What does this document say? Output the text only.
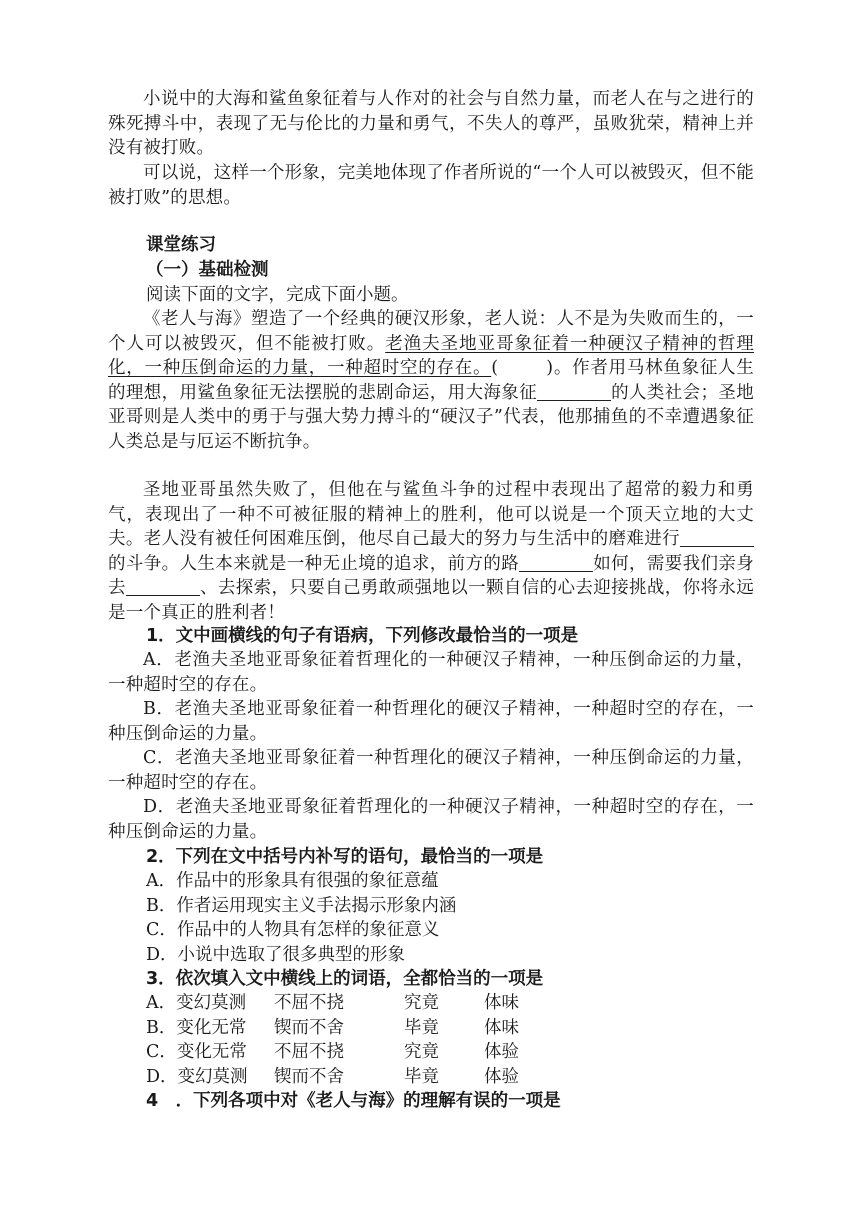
小说中的大海和鲨鱼象征着与人作对的社会与自然力量，而老人在与之进行的殊死搏斗中，表现了无与伦比的力量和勇气，不失人的尊严，虽败犹荣，精神上并没有被打败。

可以说，这样一个形象，完美地体现了作者所说的“一个人可以被毁灭，但不能被打败”的思想。

课堂练习
（一）基础检测
阅读下面的文字，完成下面小题。

《老人与海》塑造了一个经典的硬汉形象，老人说：人不是为失败而生的，一个人可以被毁灭，但不能被打败。老渔夫圣地亚哥象征着一种硬汉子精神的哲理化，一种压倒命运的力量，一种超时空的存在。(	)。作者用马林鱼象征人生的理想，用鲨鱼象征无法摆脱的悲剧命运，用大海象征	的人类社会；圣地亚哥则是人类中的勇于与强大势力搏斗的“硬汉子”代表，他那捕鱼的不幸遭遇象征人类总是与厄运不断抗争。

圣地亚哥虽然失败了，但他在与鲨鱼斗争的过程中表现出了超常的毅力和勇气，表现出了一种不可被征服的精神上的胜利，他可以说是一个顶天立地的大丈夫。老人没有被任何困难压倒，他尽自己最大的努力与生活中的磨难进行的斗争。人生本来就是一种无止境的追求，前方的路	如何，需要我们亲身去	、去探索，只要自己勇敢顽强地以一颗自信的心去迎接挑战，你将永远是一个真正的胜利者！

1．文中画横线的句子有语病，下列修改最恰当的一项是

A．老渔夫圣地亚哥象征着哲理化的一种硬汉子精神，一种压倒命运的力量，一种超时空的存在。

B．老渔夫圣地亚哥象征着一种哲理化的硬汉子精神，一种超时空的存在，一种压倒命运的力量。

C．老渔夫圣地亚哥象征着一种哲理化的硬汉子精神，一种压倒命运的力量，一种超时空的存在。

D．老渔夫圣地亚哥象征着哲理化的一种硬汉子精神，一种超时空的存在，一种压倒命运的力量。

2．下列在文中括号内补写的语句，最恰当的一项是
A．作品中的形象具有很强的象征意蕴
B．作者运用现实主义手法揭示形象内涵
C．作品中的人物具有怎样的象征意义
D．小说中选取了很多典型的形象
3．依次填入文中横线上的词语，全都恰当的一项是
A．变幻莫测 不屈不挠	究竟	体味
B．变化无常 锲而不舍	毕竟	体味
C．变化无常 不屈不挠	究竟	体验
D．变幻莫测 锲而不舍	毕竟	体验
4　．下列各项中对《老人与海》的理解有误的一项是
